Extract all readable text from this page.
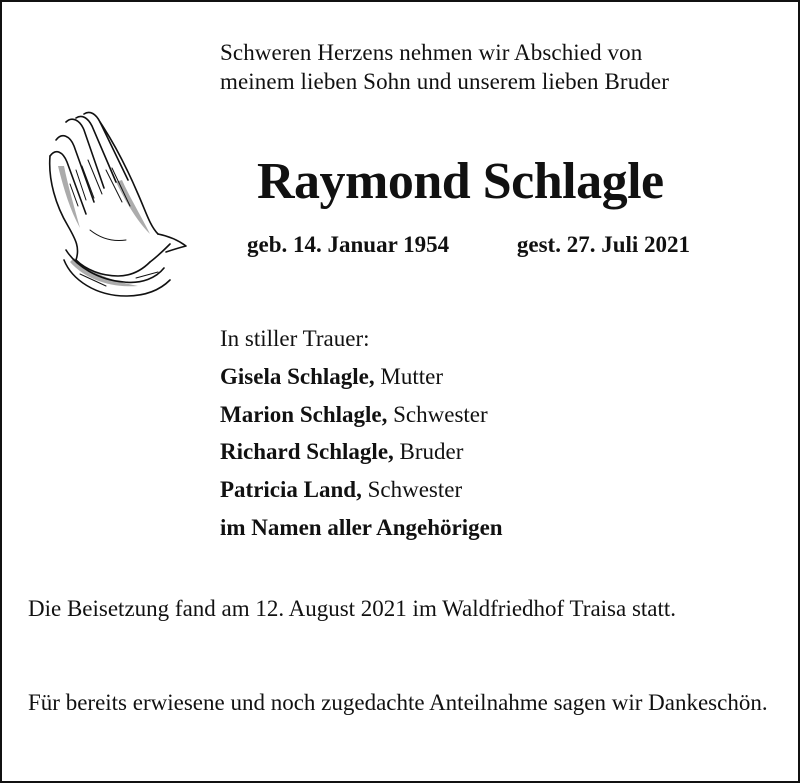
Schweren Herzens nehmen wir Abschied von
meinem lieben Sohn und unserem lieben Bruder
Raymond Schlagle
geb. 14. Januar 1954	gest. 27. Juli 2021
In stiller Trauer:
Gisela Schlagle, Mutter
Marion Schlagle, Schwester
Richard Schlagle, Bruder
Patricia Land, Schwester
im Namen aller Angehörigen
Die Beisetzung fand am 12. August 2021 im Waldfriedhof Traisa statt.
Für bereits erwiesene und noch zugedachte Anteilnahme sagen wir Dankeschön.
